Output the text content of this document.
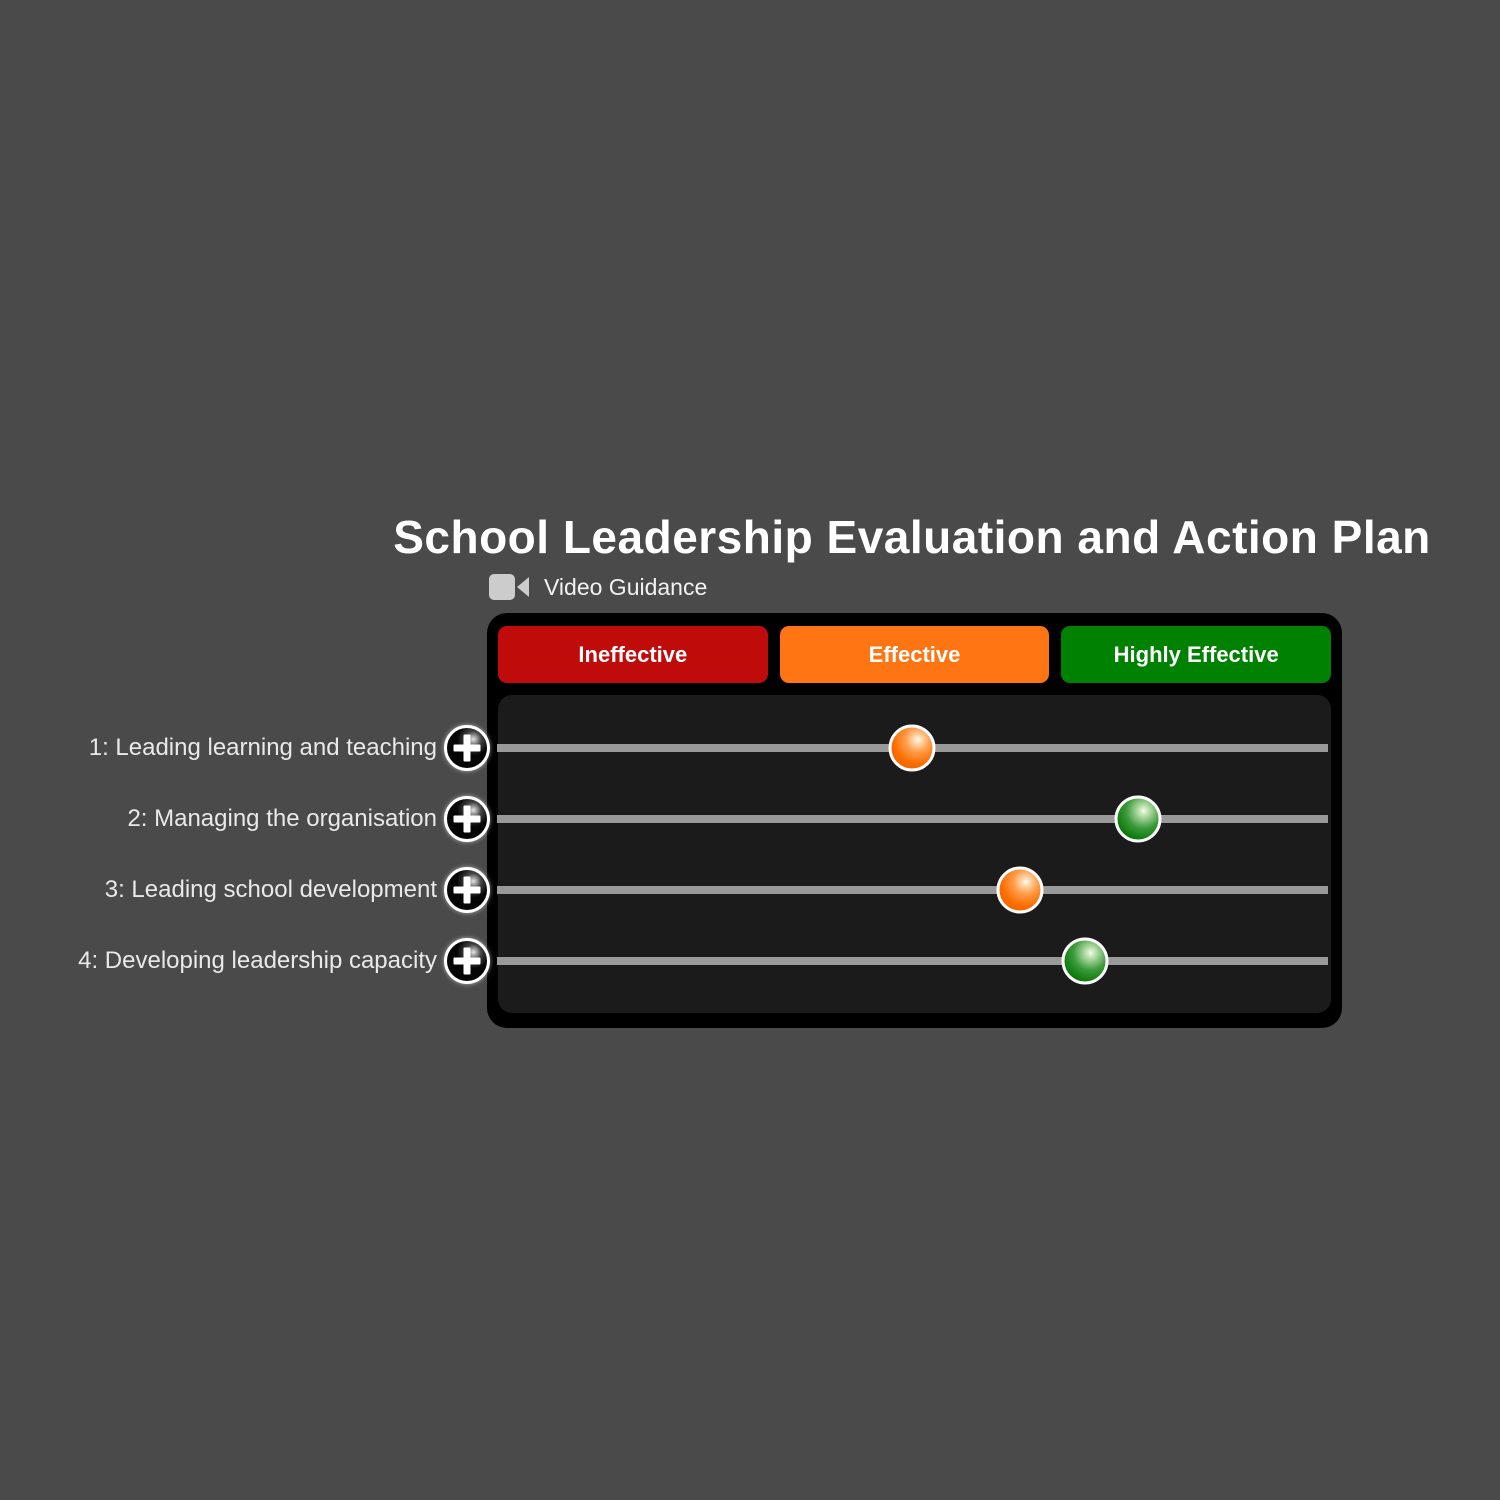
School Leadership Evaluation and Action Plan
Video Guidance
Ineffective	Effective	Highly Effective
1: Leading learning and teaching
2: Managing the organisation
3: Leading school development
4: Developing leadership capacity
